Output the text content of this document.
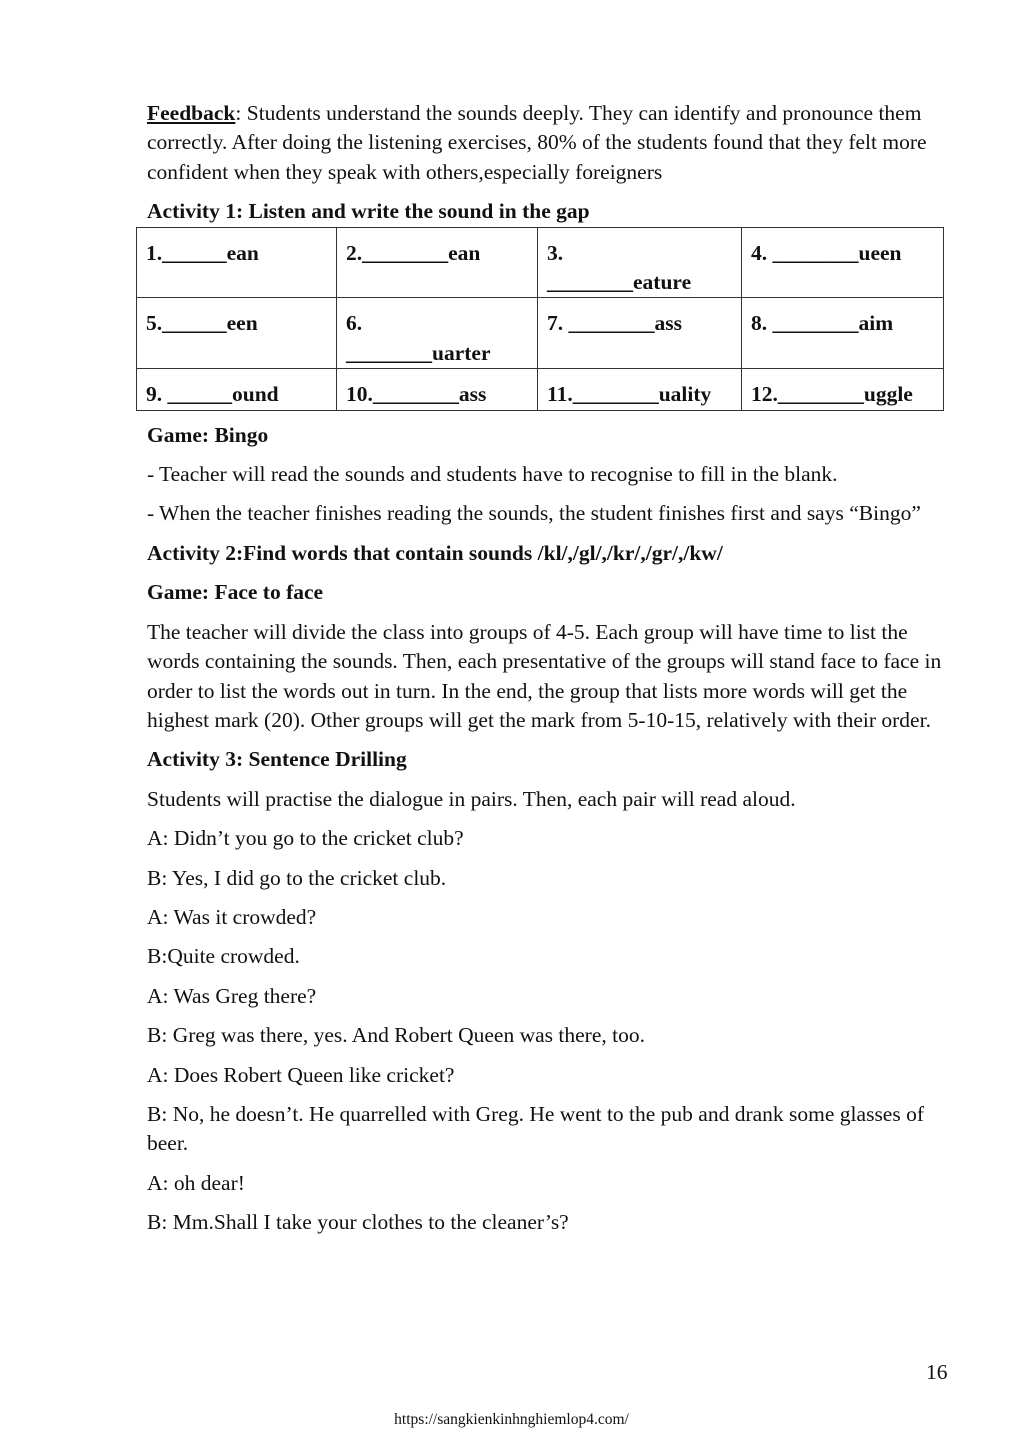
Feedback: Students understand the sounds deeply. They can identify and pronounce them correctly. After doing the listening exercises, 80% of the students found that they felt more confident when they speak with others,especially foreigners

Activity 1: Listen and write the sound in the gap

1.______ean	2.________ean	3. ________eature	4. ________ueen
5.______een	6. ________uarter	7. ________ass	8. ________aim
9. ______ound	10.________ass	11.________uality	12.________uggle

Game: Bingo

- Teacher will read the sounds and students have to recognise to fill in the blank.

- When the teacher finishes reading the sounds, the student finishes first and says “Bingo”

Activity 2:Find words that contain sounds /kl/,/gl/,/kr/,/gr/,/kw/

Game: Face to face

The teacher will divide the class into groups of 4-5. Each group will have time to list the words containing the sounds. Then, each presentative of the groups will stand face to face in order to list the words out in turn. In the end, the group that lists more words will get the highest mark (20). Other groups will get the mark from 5-10-15, relatively with their order.

Activity 3: Sentence Drilling

Students will practise the dialogue in pairs. Then, each pair will read aloud.

A: Didn’t you go to the cricket club?

B: Yes, I did go to the cricket club.

A: Was it crowded?

B:Quite crowded.

A: Was Greg there?

B: Greg was there, yes. And Robert Queen was there, too.

A: Does Robert Queen like cricket?

B: No, he doesn’t. He quarrelled with Greg. He went to the pub and drank some glasses of beer.

A: oh dear!

B: Mm.Shall I take your clothes to the cleaner’s?

16
https://sangkienkinhnghiemlop4.com/
